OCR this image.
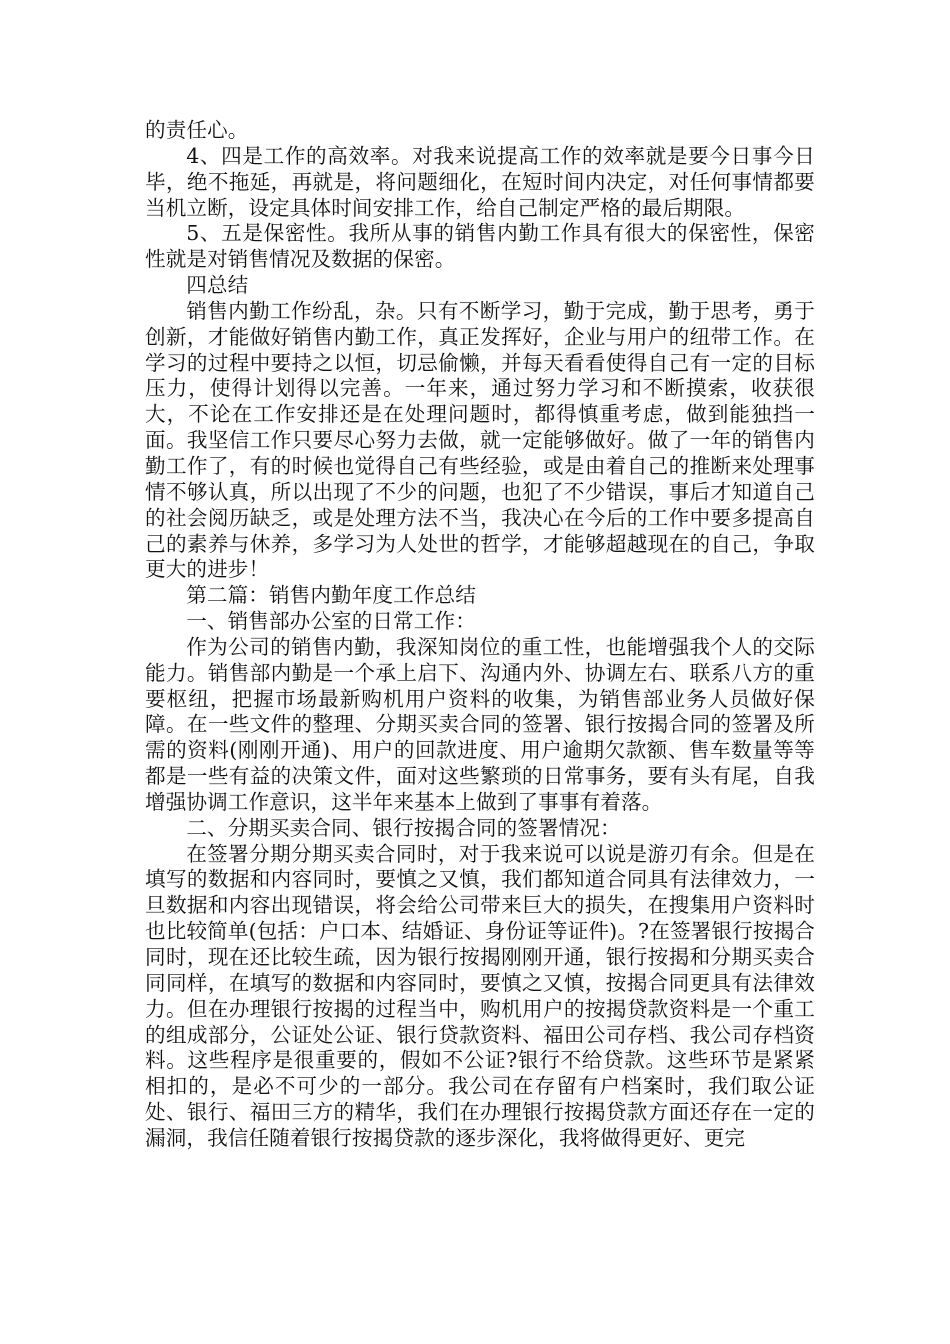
的责任心。

4、四是工作的高效率。对我来说提高工作的效率就是要今日事今日毕，绝不拖延，再就是，将问题细化，在短时间内决定，对任何事情都要当机立断，设定具体时间安排工作，给自己制定严格的最后期限。

5、五是保密性。我所从事的销售内勤工作具有很大的保密性，保密性就是对销售情况及数据的保密。

四总结

销售内勤工作纷乱，杂。只有不断学习，勤于完成，勤于思考，勇于创新，才能做好销售内勤工作，真正发挥好，企业与用户的纽带工作。在学习的过程中要持之以恒，切忌偷懒，并每天看看使得自己有一定的目标压力，使得计划得以完善。一年来，通过努力学习和不断摸索，收获很大，不论在工作安排还是在处理问题时，都得慎重考虑，做到能独挡一面。我坚信工作只要尽心努力去做，就一定能够做好。做了一年的销售内勤工作了，有的时候也觉得自己有些经验，或是由着自己的推断来处理事情不够认真，所以出现了不少的问题，也犯了不少错误，事后才知道自己的社会阅历缺乏，或是处理方法不当，我决心在今后的工作中要多提高自己的素养与休养，多学习为人处世的哲学，才能够超越现在的自己，争取更大的进步！

第二篇：销售内勤年度工作总结

一、销售部办公室的日常工作：

作为公司的销售内勤，我深知岗位的重工性，也能增强我个人的交际能力。销售部内勤是一个承上启下、沟通内外、协调左右、联系八方的重要枢纽，把握市场最新购机用户资料的收集，为销售部业务人员做好保障。在一些文件的整理、分期买卖合同的签署、银行按揭合同的签署及所需的资料(刚刚开通)、用户的回款进度、用户逾期欠款额、售车数量等等都是一些有益的决策文件，面对这些繁琐的日常事务，要有头有尾，自我增强协调工作意识，这半年来基本上做到了事事有着落。

二、分期买卖合同、银行按揭合同的签署情况：

在签署分期分期买卖合同时，对于我来说可以说是游刃有余。但是在填写的数据和内容同时，要慎之又慎，我们都知道合同具有法律效力，一旦数据和内容出现错误，将会给公司带来巨大的损失，在搜集用户资料时也比较简单(包括：户口本、结婚证、身份证等证件)。?在签署银行按揭合同时，现在还比较生疏，因为银行按揭刚刚开通，银行按揭和分期买卖合同同样，在填写的数据和内容同时，要慎之又慎，按揭合同更具有法律效力。但在办理银行按揭的过程当中，购机用户的按揭贷款资料是一个重工的组成部分，公证处公证、银行贷款资料、福田公司存档、我公司存档资料。这些程序是很重要的，假如不公证?银行不给贷款。这些环节是紧紧相扣的，是必不可少的一部分。我公司在存留有户档案时，我们取公证处、银行、福田三方的精华，我们在办理银行按揭贷款方面还存在一定的漏洞，我信任随着银行按揭贷款的逐步深化，我将做得更好、更完
